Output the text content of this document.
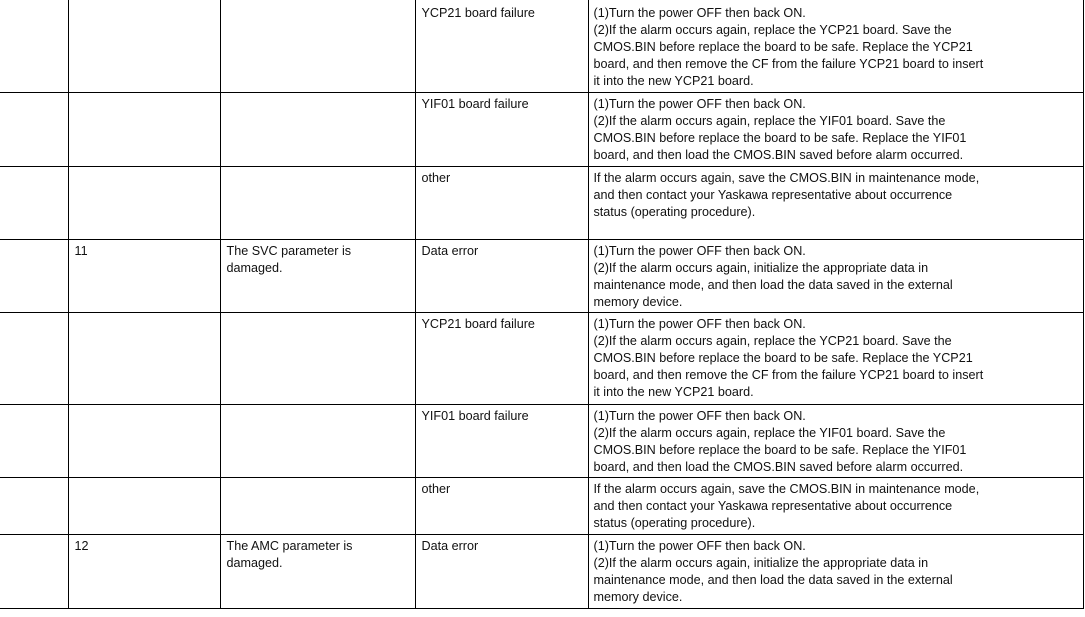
			YCP21 board failure	(1)Turn the power OFF then back ON.
(2)If the alarm occurs again, replace the YCP21 board. Save the
CMOS.BIN before replace the board to be safe. Replace the YCP21
board, and then remove the CF from the failure YCP21 board to insert
it into the new YCP21 board.

			YIF01 board failure	(1)Turn the power OFF then back ON.
(2)If the alarm occurs again, replace the YIF01 board. Save the
CMOS.BIN before replace the board to be safe. Replace the YIF01
board, and then load the CMOS.BIN saved before alarm occurred.

			other	If the alarm occurs again, save the CMOS.BIN in maintenance mode,
and then contact your Yaskawa representative about occurrence
status (operating procedure).

	11	The SVC parameter is damaged.	Data error	(1)Turn the power OFF then back ON.
(2)If the alarm occurs again, initialize the appropriate data in
maintenance mode, and then load the data saved in the external
memory device.

			YCP21 board failure	(1)Turn the power OFF then back ON.
(2)If the alarm occurs again, replace the YCP21 board. Save the
CMOS.BIN before replace the board to be safe. Replace the YCP21
board, and then remove the CF from the failure YCP21 board to insert
it into the new YCP21 board.

			YIF01 board failure	(1)Turn the power OFF then back ON.
(2)If the alarm occurs again, replace the YIF01 board. Save the
CMOS.BIN before replace the board to be safe. Replace the YIF01
board, and then load the CMOS.BIN saved before alarm occurred.

			other	If the alarm occurs again, save the CMOS.BIN in maintenance mode,
and then contact your Yaskawa representative about occurrence
status (operating procedure).

	12	The AMC parameter is damaged.	Data error	(1)Turn the power OFF then back ON.
(2)If the alarm occurs again, initialize the appropriate data in
maintenance mode, and then load the data saved in the external
memory device.
